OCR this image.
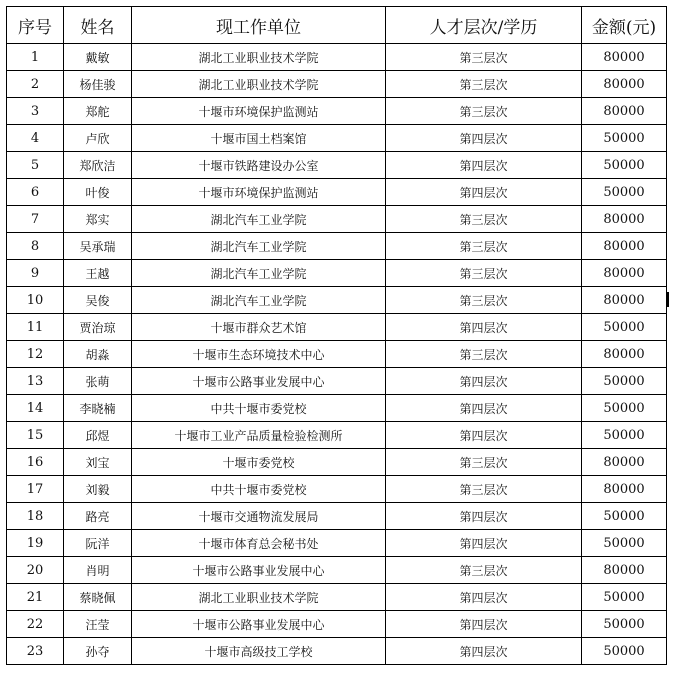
序号	姓名	现工作单位	人才层次/学历	金额(元)
1	戴敏	湖北工业职业技术学院	第三层次	80000
2	杨佳骏	湖北工业职业技术学院	第三层次	80000
3	郑舵	十堰市环境保护监测站	第三层次	80000
4	卢欣	十堰市国土档案馆	第四层次	50000
5	郑欣洁	十堰市铁路建设办公室	第四层次	50000
6	叶俊	十堰市环境保护监测站	第四层次	50000
7	郑实	湖北汽车工业学院	第三层次	80000
8	吴承瑞	湖北汽车工业学院	第三层次	80000
9	王越	湖北汽车工业学院	第三层次	80000
10	吴俊	湖北汽车工业学院	第三层次	80000
11	贾治琼	十堰市群众艺术馆	第四层次	50000
12	胡淼	十堰市生态环境技术中心	第三层次	80000
13	张萌	十堰市公路事业发展中心	第四层次	50000
14	李晓楠	中共十堰市委党校	第四层次	50000
15	邱煜	十堰市工业产品质量检验检测所	第四层次	50000
16	刘宝	十堰市委党校	第三层次	80000
17	刘毅	中共十堰市委党校	第三层次	80000
18	路亮	十堰市交通物流发展局	第四层次	50000
19	阮洋	十堰市体育总会秘书处	第四层次	50000
20	肖明	十堰市公路事业发展中心	第三层次	80000
21	蔡晓佩	湖北工业职业技术学院	第四层次	50000
22	汪莹	十堰市公路事业发展中心	第四层次	50000
23	孙夺	十堰市高级技工学校	第四层次	50000
